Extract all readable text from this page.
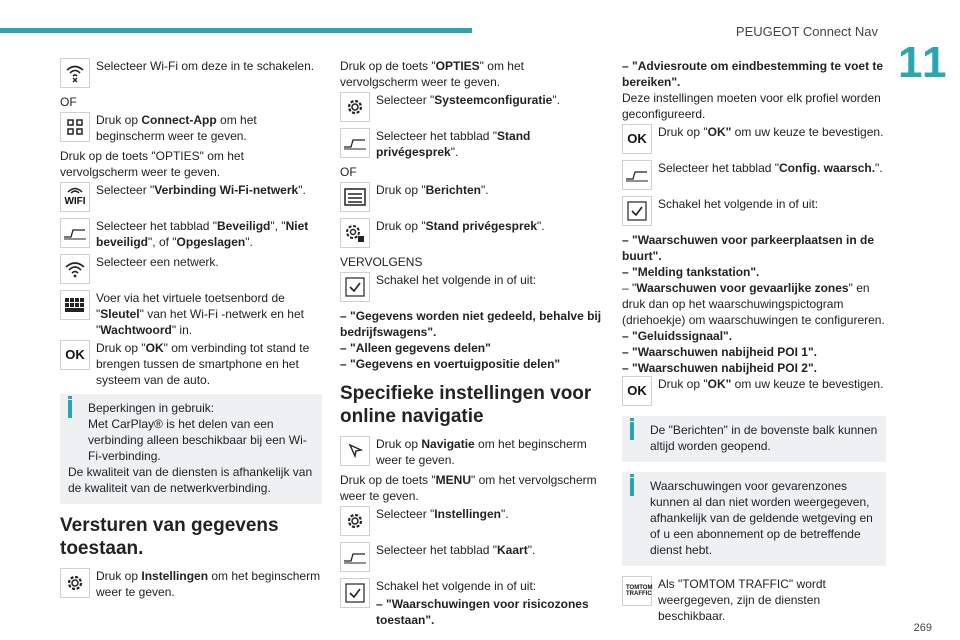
PEUGEOT Connect Nav
11
269
Selecteer Wi-Fi om deze in te schakelen.
OF
Druk op Connect-App om het beginscherm weer te geven.
Druk op de toets "OPTIES" om het vervolgscherm weer te geven.
WIFI
Selecteer "Verbinding Wi-Fi-netwerk".
Selecteer het tabblad "Beveiligd", "Niet beveiligd", of "Opgeslagen".
Selecteer een netwerk.
Voer via het virtuele toetsenbord de "Sleutel" van het Wi-Fi -netwerk en het "Wachtwoord" in.
OK Druk op "OK" om verbinding tot stand te brengen tussen de smartphone en het systeem van de auto.
Beperkingen in gebruik:
Met CarPlay® is het delen van een verbinding alleen beschikbaar bij een Wi-Fi-verbinding.
De kwaliteit van de diensten is afhankelijk van de kwaliteit van de netwerkverbinding.
Versturen van gegevens toestaan.
Druk op Instellingen om het beginscherm weer te geven.
Druk op de toets "OPTIES" om het vervolgscherm weer te geven.
Selecteer "Systeemconfiguratie".
Selecteer het tabblad "Stand privégesprek".
OF
Druk op "Berichten".
Druk op "Stand privégesprek".
VERVOLGENS
Schakel het volgende in of uit:
– "Gegevens worden niet gedeeld, behalve bij bedrijfswagens".
– "Alleen gegevens delen"
– "Gegevens en voertuigpositie delen"
Specifieke instellingen voor online navigatie
Druk op Navigatie om het beginscherm weer te geven.
Druk op de toets "MENU" om het vervolgscherm weer te geven.
Selecteer "Instellingen".
Selecteer het tabblad "Kaart".
Schakel het volgende in of uit:
– "Waarschuwingen voor risicozones toestaan".
– "Adviesroute om eindbestemming te voet te bereiken".
Deze instellingen moeten voor elk profiel worden geconfigureerd.
OK Druk op "OK" om uw keuze te bevestigen.
Selecteer het tabblad "Config. waarsch.".
Schakel het volgende in of uit:
– "Waarschuwen voor parkeerplaatsen in de buurt".
– "Melding tankstation".
– "Waarschuwen voor gevaarlijke zones" en druk dan op het waarschuwingspictogram (driehoekje) om waarschuwingen te configureren.
– "Geluidssignaal".
– "Waarschuwen nabijheid POI 1".
– "Waarschuwen nabijheid POI 2".
OK Druk op "OK" om uw keuze te bevestigen.
De "Berichten" in de bovenste balk kunnen altijd worden geopend.
Waarschuwingen voor gevarenzones kunnen al dan niet worden weergegeven, afhankelijk van de geldende wetgeving en of u een abonnement op de betreffende dienst hebt.
TOMTOM
TRAFFIC
Als "TOMTOM TRAFFIC" wordt weergegeven, zijn de diensten beschikbaar.
